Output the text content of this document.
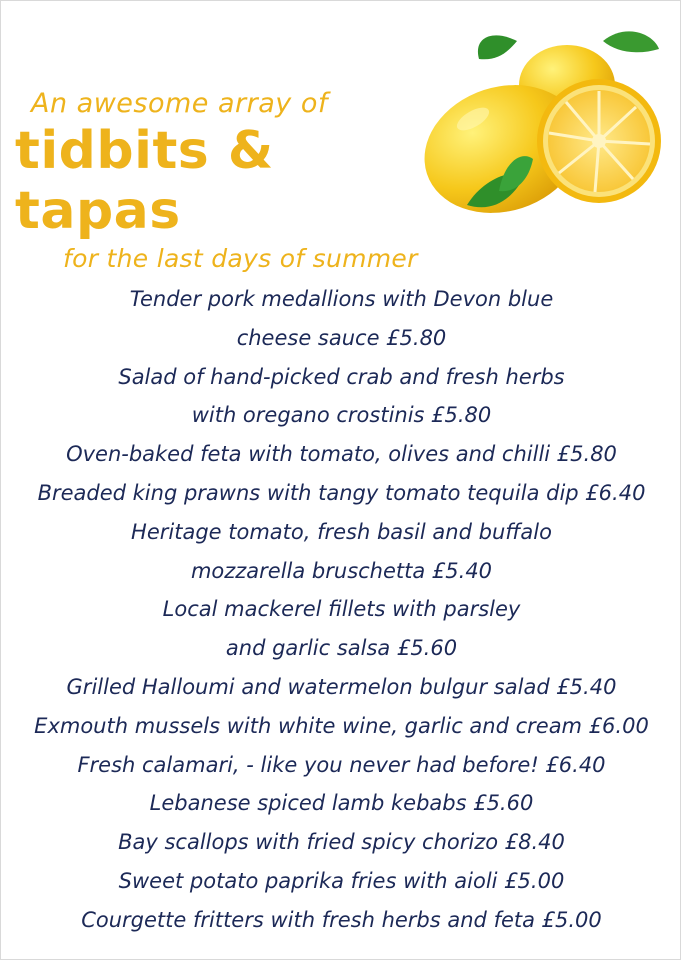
An awesome array of
tidbits & tapas
for the last days of summer
Tender pork medallions with Devon blue
cheese sauce £5.80
Salad of hand-picked crab and fresh herbs
with oregano crostinis £5.80
Oven-baked feta with tomato, olives and chilli £5.80
Breaded king prawns with tangy tomato tequila dip £6.40
Heritage tomato, fresh basil and buffalo
mozzarella bruschetta £5.40
Local mackerel fillets with parsley
and garlic salsa £5.60
Grilled Halloumi and watermelon bulgur salad £5.40
Exmouth mussels with white wine, garlic and cream £6.00
Fresh calamari, - like you never had before! £6.40
Lebanese spiced lamb kebabs £5.60
Bay scallops with fried spicy chorizo £8.40
Sweet potato paprika fries with aioli £5.00
Courgette fritters with fresh herbs and feta £5.00
